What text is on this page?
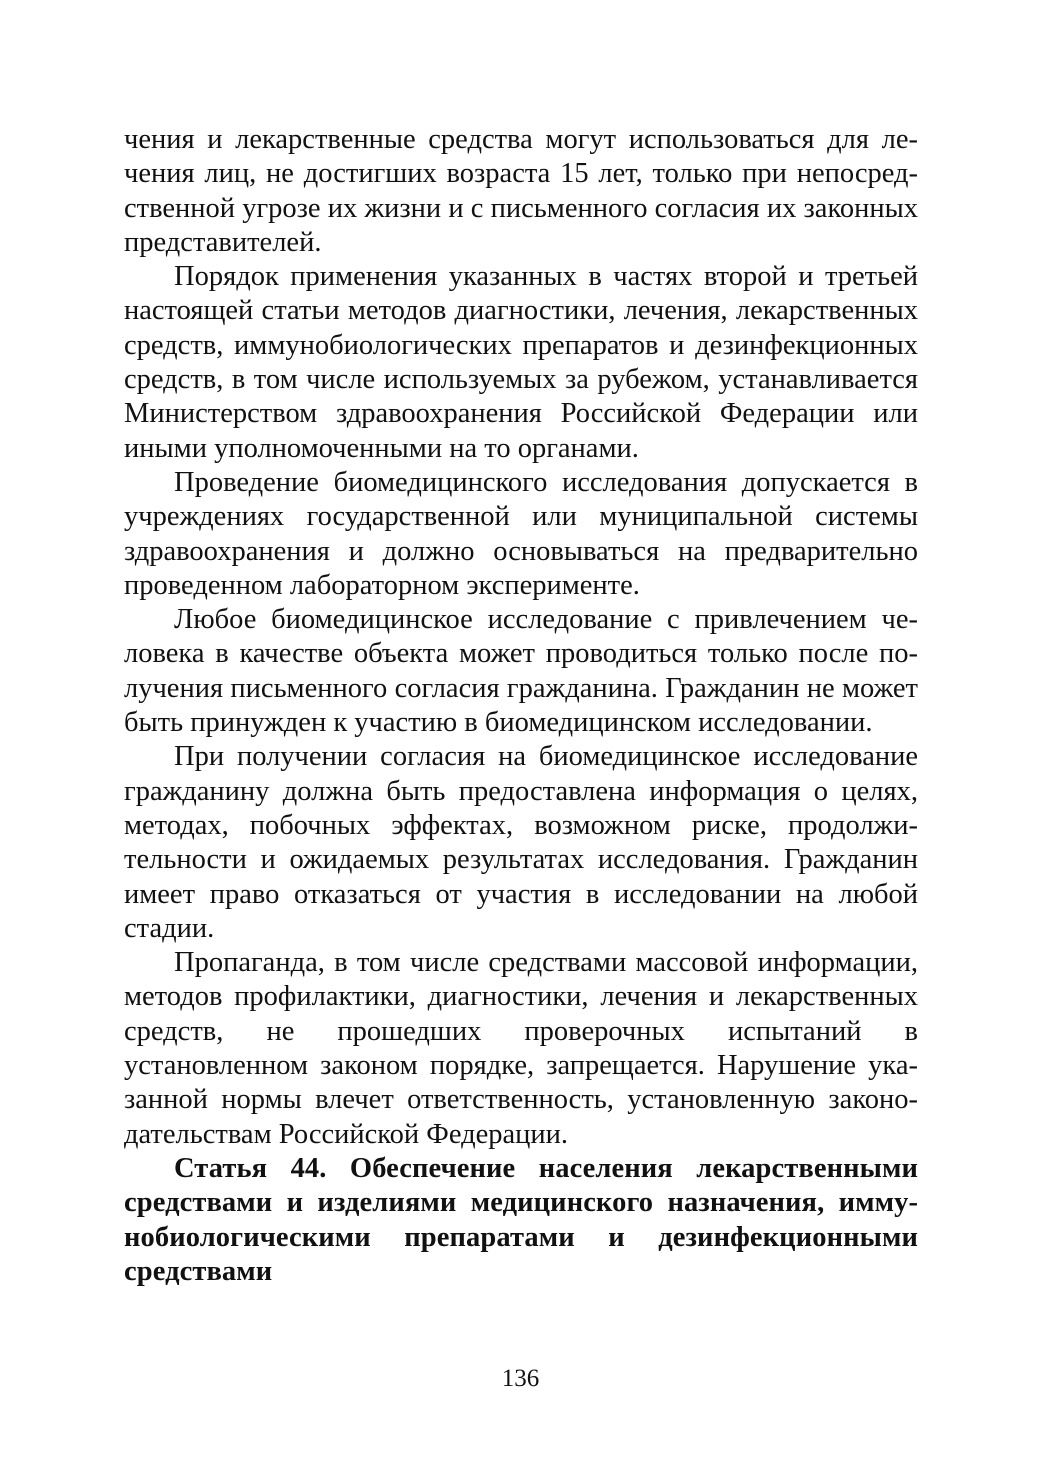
чения и лекарственные средства могут использоваться для лечения лиц, не достигших возраста 15 лет, только при непосредственной угрозе их жизни и с письменного согласия их законных представителей.

Порядок применения указанных в частях второй и третьей настоящей статьи методов диагностики, лечения, лекарственных средств, иммунобиологических препаратов и дезинфекционных средств, в том числе используемых за рубежом, устанавливается Министерством здравоохранения Российской Федерации или иными уполномоченными на то органами.

Проведение биомедицинского исследования допускается в учреждениях государственной или муниципальной системы здравоохранения и должно основываться на предварительно проведенном лабораторном эксперименте.

Любое биомедицинское исследование с привлечением человека в качестве объекта может проводиться только после получения письменного согласия гражданина. Гражданин не может быть принужден к участию в биомедицинском исследовании.

При получении согласия на биомедицинское исследование гражданину должна быть предоставлена информация о целях, методах, побочных эффектах, возможном риске, продолжительности и ожидаемых результатах исследования. Гражданин имеет право отказаться от участия в исследовании на любой стадии.

Пропаганда, в том числе средствами массовой информации, методов профилактики, диагностики, лечения и лекарственных средств, не прошедших проверочных испытаний в установленном законом порядке, запрещается. Нарушение указанной нормы влечет ответственность, установленную законодательствам Российской Федерации.

Статья 44. Обеспечение населения лекарственными средствами и изделиями медицинского назначения, иммунобиологическими препаратами и дезинфекционными средствами

136
